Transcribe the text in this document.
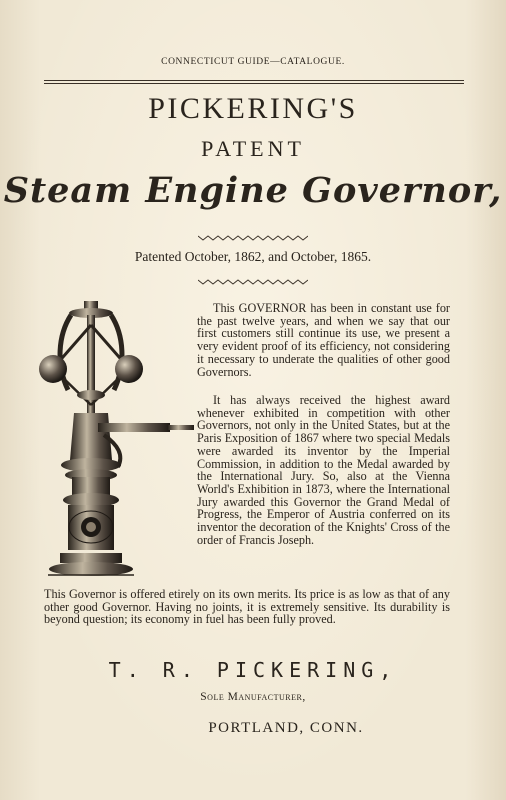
CONNECTICUT GUIDE—CATALOGUE.
PICKERING'S
PATENT
Steam Engine Governor,
Patented October, 1862, and October, 1865.
This GOVERNOR has been in constant use for the past twelve years, and when we say that our first customers still continue its use, we present a very evident proof of its efficiency, not considering it necessary to underate the qualities of other good Governors.
It has always received the highest award whenever exhibited in competition with other Governors, not only in the United States, but at the Paris Exposition of 1867 where two special Medals were awarded its inventor by the Imperial Commission, in addition to the Medal awarded by the International Jury. So, also at the Vienna World's Exhibition in 1873, where the International Jury awarded this Governor the Grand Medal of Progress, the Emperor of Austria conferred on its inventor the decoration of the Knights' Cross of the order of Francis Joseph.
This Governor is offered etirely on its own merits. Its price is as low as that of any other good Governor. Having no joints, it is extremely sensitive. Its durability is beyond question; its economy in fuel has been fully proved.
T. R. PICKERING,
Sole Manufacturer,
PORTLAND, CONN.
